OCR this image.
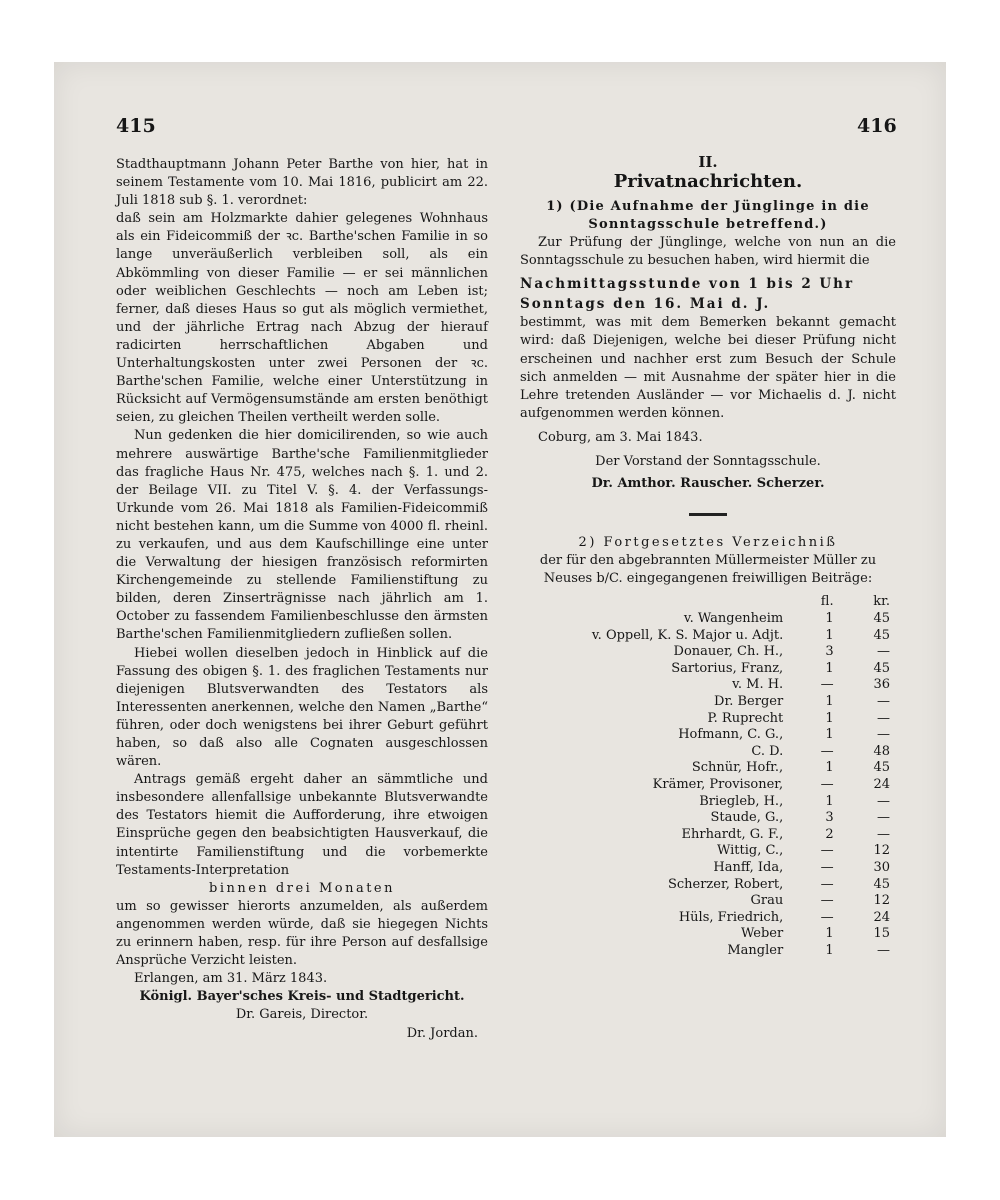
415	416

Stadthauptmann Johann Peter Barthe von hier, hat in seinem Testamente vom 10. Mai 1816, publicirt am 22. Juli 1818 sub §. 1. verordnet:

daß sein am Holzmarkte dahier gelegenes Wohnhaus als ein Fideicommiß der ꝛc. Barthe'schen Familie in so lange unveräußerlich verbleiben soll, als ein Abkömmling von dieser Familie — er sei männlichen oder weiblichen Geschlechts — noch am Leben ist; ferner, daß dieses Haus so gut als möglich vermiethet, und der jährliche Ertrag nach Abzug der hierauf radicirten herrschaftlichen Abgaben und Unterhaltungskosten unter zwei Personen der ꝛc. Barthe'schen Familie, welche einer Unterstützung in Rücksicht auf Vermögensumstände am ersten benöthigt seien, zu gleichen Theilen vertheilt werden solle.

Nun gedenken die hier domicilirenden, so wie auch mehrere auswärtige Barthe'sche Familienmitglieder das fragliche Haus Nr. 475, welches nach §. 1. und 2. der Beilage VII. zu Titel V. §. 4. der Verfassungs-Urkunde vom 26. Mai 1818 als Familien-Fideicommiß nicht bestehen kann, um die Summe von 4000 fl. rheinl. zu verkaufen, und aus dem Kaufschillinge eine unter die Verwaltung der hiesigen französisch reformirten Kirchengemeinde zu stellende Familienstiftung zu bilden, deren Zinserträgnisse nach jährlich am 1. October zu fassendem Familienbeschlusse den ärmsten Barthe'schen Familienmitgliedern zufließen sollen.

Hiebei wollen dieselben jedoch in Hinblick auf die Fassung des obigen §. 1. des fraglichen Testaments nur diejenigen Blutsverwandten des Testators als Interessenten anerkennen, welche den Namen „Barthe“ führen, oder doch wenigstens bei ihrer Geburt geführt haben, so daß also alle Cognaten ausgeschlossen wären.

Antrags gemäß ergeht daher an sämmtliche und insbesondere allenfallsige unbekannte Blutsverwandte des Testators hiemit die Aufforderung, ihre etwoigen Einsprüche gegen den beabsichtigten Hausverkauf, die intentirte Familienstiftung und die vorbemerkte Testaments-Interpretation

binnen drei Monaten

um so gewisser hierorts anzumelden, als außerdem angenommen werden würde, daß sie hiegegen Nichts zu erinnern haben, resp. für ihre Person auf desfallsige Ansprüche Verzicht leisten.

Erlangen, am 31. März 1843.

Königl. Bayer'sches Kreis- und Stadtgericht.

Dr. Gareis, Director.

Dr. Jordan.

II.
Privatnachrichten.

1) (Die Aufnahme der Jünglinge in die Sonntagsschule betreffend.)

Zur Prüfung der Jünglinge, welche von nun an die Sonntagsschule zu besuchen haben, wird hiermit die

Nachmittagsstunde von 1 bis 2 Uhr

Sonntags den 16. Mai d. J.

bestimmt, was mit dem Bemerken bekannt gemacht wird: daß Diejenigen, welche bei dieser Prüfung nicht erscheinen und nachher erst zum Besuch der Schule sich anmelden — mit Ausnahme der später hier in die Lehre tretenden Ausländer — vor Michaelis d. J. nicht aufgenommen werden können.

Coburg, am 3. Mai 1843.

Der Vorstand der Sonntagsschule.

Dr. Amthor. Rauscher. Scherzer.

2) Fortgesetztes Verzeichniß

der für den abgebrannten Müllermeister Müller zu Neuses b/C. eingegangenen freiwilligen Beiträge:

	fl.	kr.
v. Wangenheim	1	45
v. Oppell, K. S. Major u. Adjt.	1	45
Donauer, Ch. H.,	3	—
Sartorius, Franz,	1	45
v. M. H.	—	36
Dr. Berger	1	—
P. Ruprecht	1	—
Hofmann, C. G.,	1	—
C. D.	—	48
Schnür, Hofr.,	1	45
Krämer, Provisoner,	—	24
Briegleb, H.,	1	—
Staude, G.,	3	—
Ehrhardt, G. F.,	2	—
Wittig, C.,	—	12
Hanff, Ida,	—	30
Scherzer, Robert,	—	45
Grau	—	12
Hüls, Friedrich,	—	24
Weber	1	15
Mangler	1	—
